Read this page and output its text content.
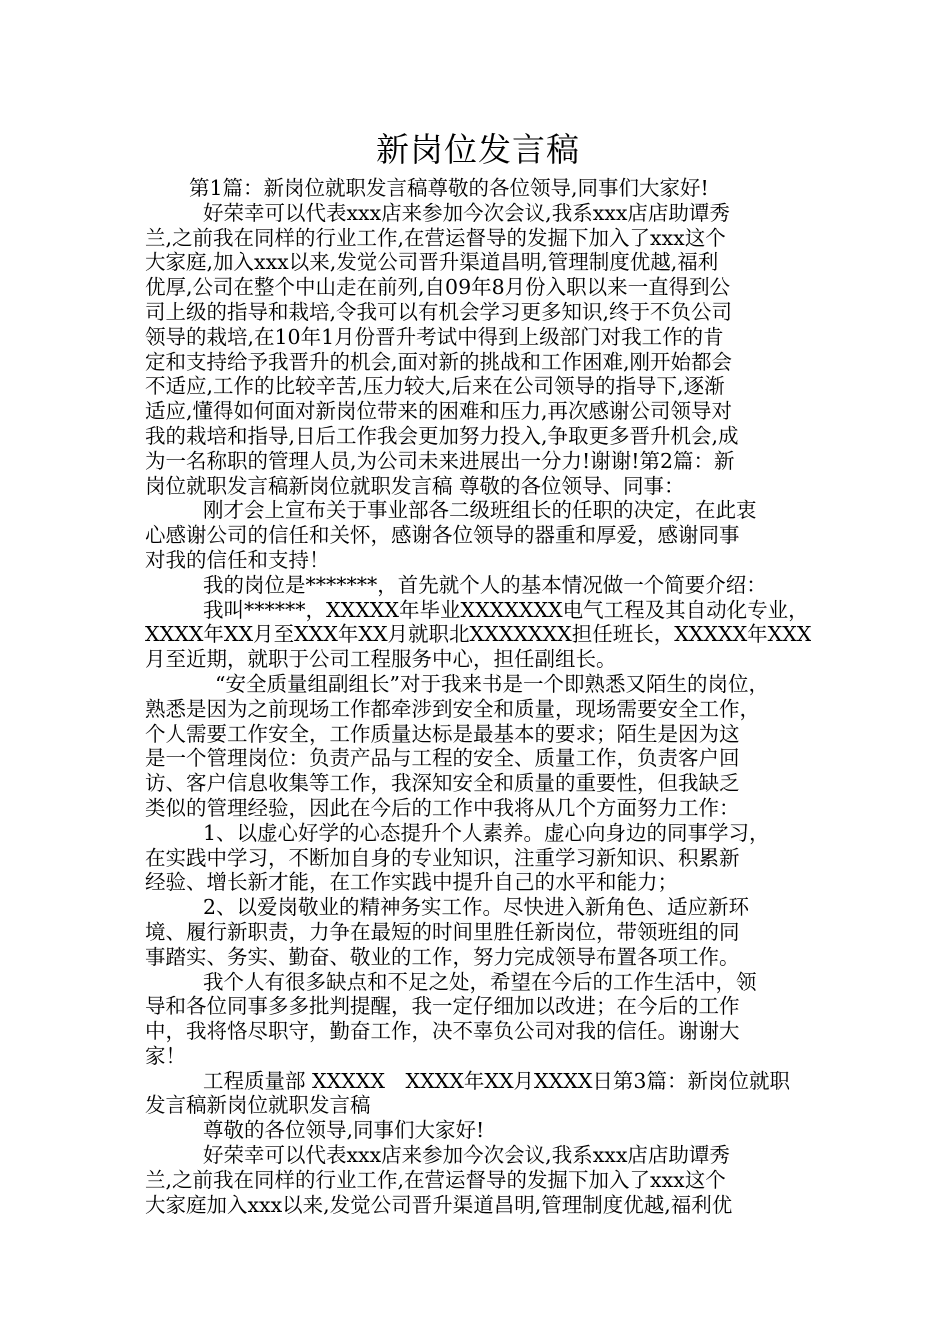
新岗位发言稿
第1篇：新岗位就职发言稿尊敬的各位领导,同事们大家好!
好荣幸可以代表xxx店来参加今次会议,我系xxx店店助谭秀
兰,之前我在同样的行业工作,在营运督导的发掘下加入了xxx这个
大家庭,加入xxx以来,发觉公司晋升渠道昌明,管理制度优越,福利
优厚,公司在整个中山走在前列,自09年8月份入职以来一直得到公
司上级的指导和栽培,令我可以有机会学习更多知识,终于不负公司
领导的栽培,在10年1月份晋升考试中得到上级部门对我工作的肯
定和支持给予我晋升的机会,面对新的挑战和工作困难,刚开始都会
不适应,工作的比较辛苦,压力较大,后来在公司领导的指导下,逐渐
适应,懂得如何面对新岗位带来的困难和压力,再次感谢公司领导对
我的栽培和指导,日后工作我会更加努力投入,争取更多晋升机会,成
为一名称职的管理人员,为公司未来进展出一分力!谢谢!第2篇：新
岗位就职发言稿新岗位就职发言稿 尊敬的各位领导、同事：
刚才会上宣布关于事业部各二级班组长的任职的决定，在此衷
心感谢公司的信任和关怀，感谢各位领导的器重和厚爱，感谢同事
对我的信任和支持！
我的岗位是*******，首先就个人的基本情况做一个简要介绍：
我叫******，XXXXX年毕业XXXXXXX电气工程及其自动化专业，
XXXX年XX月至XXX年XX月就职北XXXXXXX担任班长，XXXXX年XXX
月至近期，就职于公司工程服务中心，担任副组长。
“安全质量组副组长”对于我来书是一个即熟悉又陌生的岗位，
熟悉是因为之前现场工作都牵涉到安全和质量，现场需要安全工作，
个人需要工作安全，工作质量达标是最基本的要求；陌生是因为这
是一个管理岗位：负责产品与工程的安全、质量工作，负责客户回
访、客户信息收集等工作，我深知安全和质量的重要性，但我缺乏
类似的管理经验，因此在今后的工作中我将从几个方面努力工作：
1、以虚心好学的心态提升个人素养。虚心向身边的同事学习，
在实践中学习，不断加自身的专业知识，注重学习新知识、积累新
经验、增长新才能，在工作实践中提升自己的水平和能力；
2、以爱岗敬业的精神务实工作。尽快进入新角色、适应新环
境、履行新职责，力争在最短的时间里胜任新岗位，带领班组的同
事踏实、务实、勤奋、敬业的工作，努力完成领导布置各项工作。
我个人有很多缺点和不足之处，希望在今后的工作生活中，领
导和各位同事多多批判提醒，我一定仔细加以改进；在今后的工作
中，我将恪尽职守，勤奋工作，决不辜负公司对我的信任。谢谢大
家！
工程质量部 XXXXX　XXXX年XX月XXXX日第3篇：新岗位就职
发言稿新岗位就职发言稿
尊敬的各位领导,同事们大家好!
好荣幸可以代表xxx店来参加今次会议,我系xxx店店助谭秀
兰,之前我在同样的行业工作,在营运督导的发掘下加入了xxx这个
大家庭加入xxx以来,发觉公司晋升渠道昌明,管理制度优越,福利优
